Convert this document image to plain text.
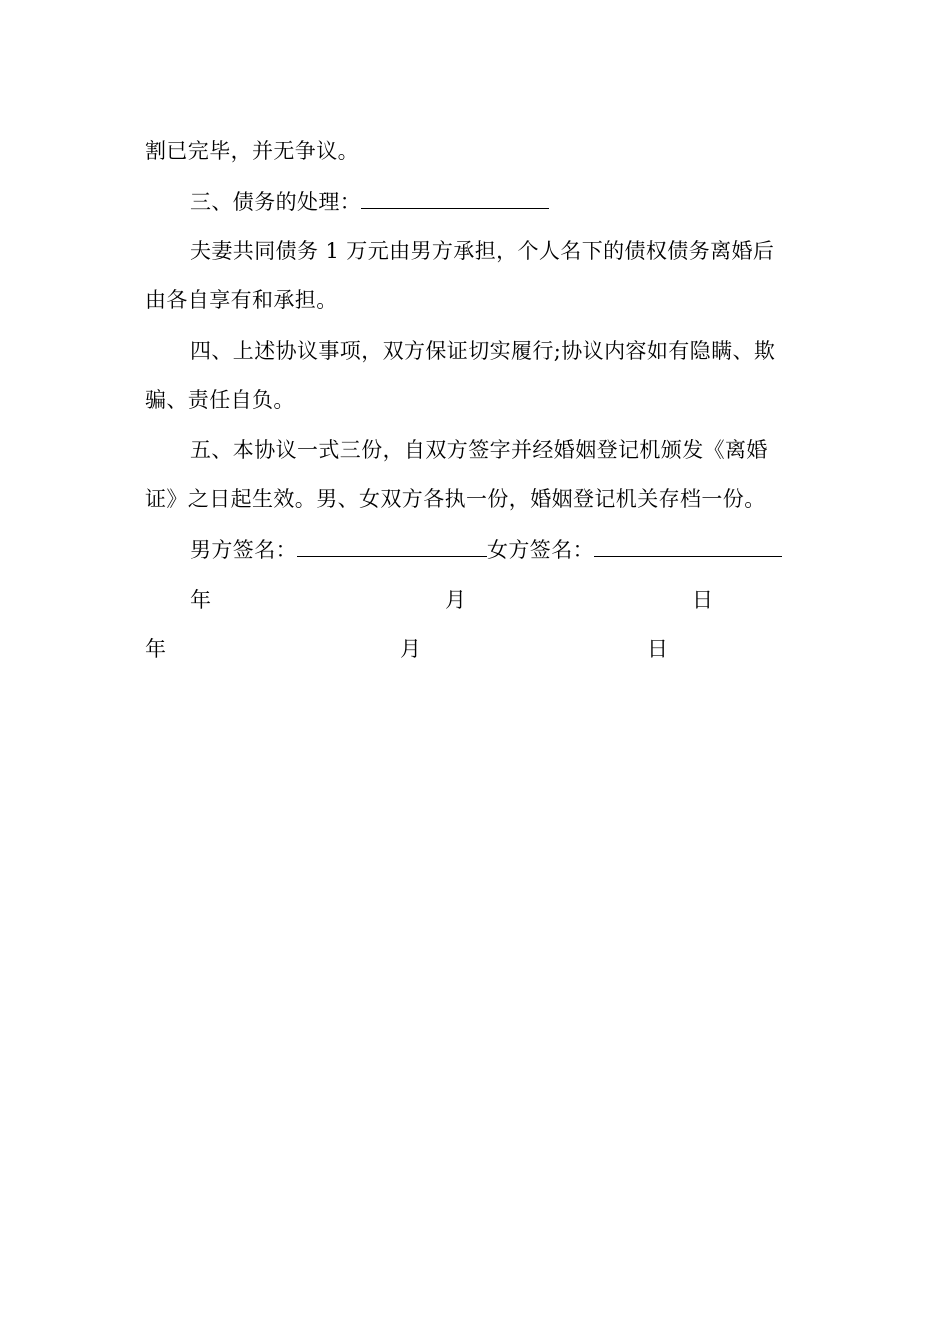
割已完毕，并无争议。
三、债务的处理：
夫妻共同债务 1 万元由男方承担，个人名下的债权债务离婚后
由各自享有和承担。
四、上述协议事项，双方保证切实履行;协议内容如有隐瞒、欺
骗、责任自负。
五、本协议一式三份，自双方签字并经婚姻登记机颁发《离婚
证》之日起生效。男、女双方各执一份，婚姻登记机关存档一份。
男方签名：	女方签名：
年	月	日
年	月	日
